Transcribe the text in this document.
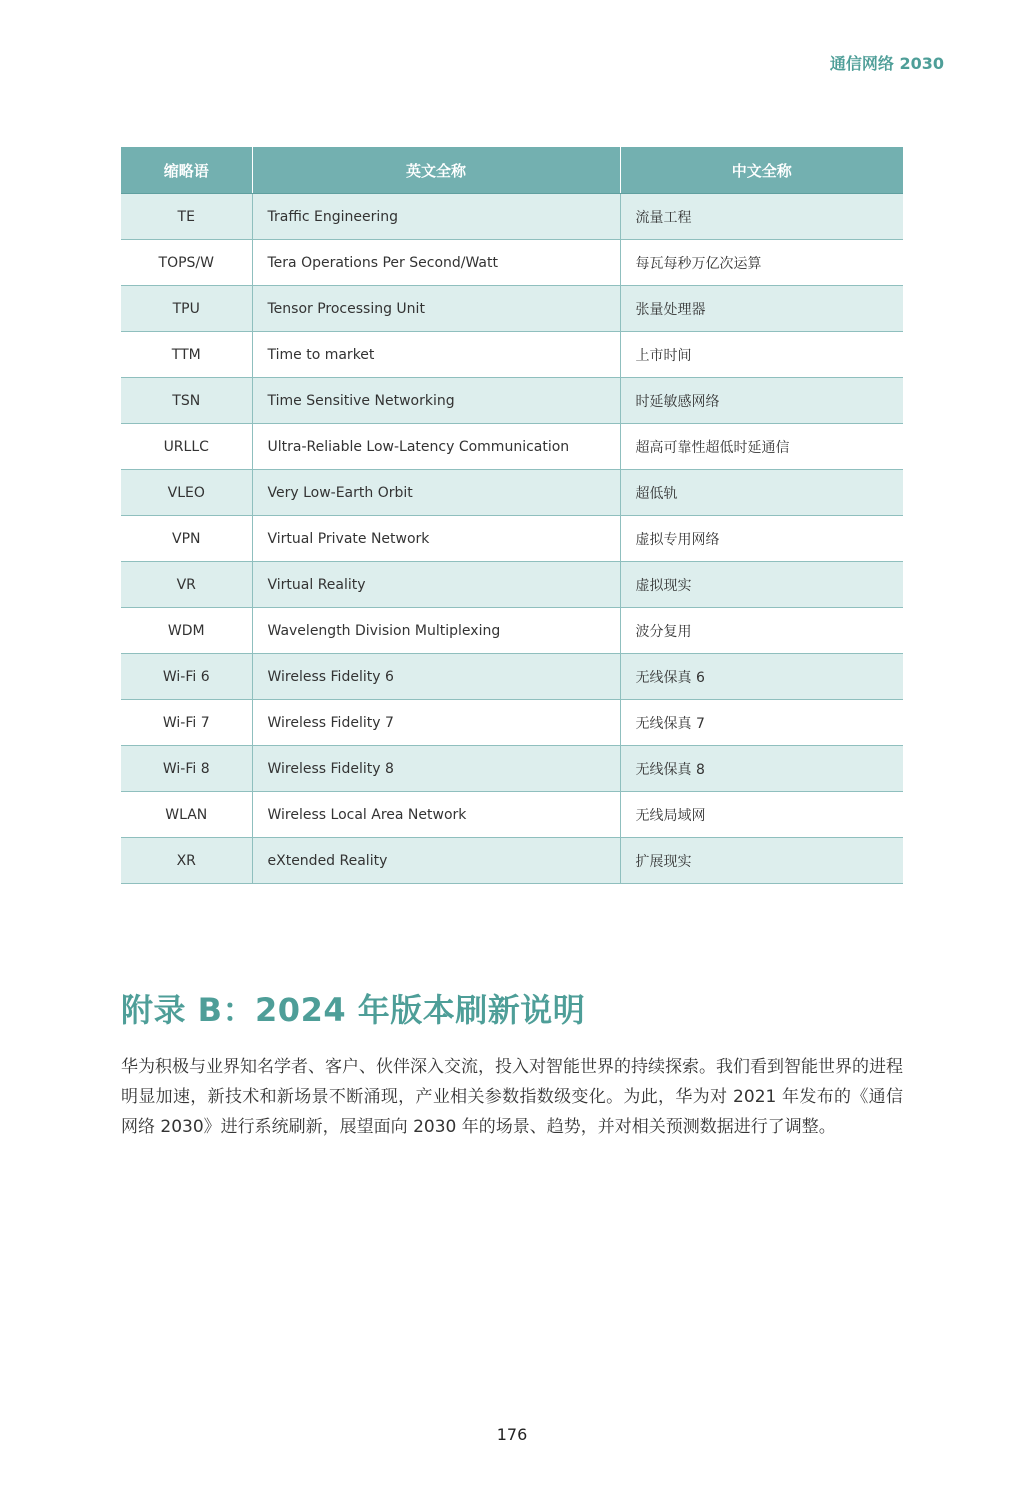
通信网络 2030
缩略语	英文全称	中文全称
TE	Traffic Engineering	流量工程
TOPS/W	Tera Operations Per Second/Watt	每瓦每秒万亿次运算
TPU	Tensor Processing Unit	张量处理器
TTM	Time to market	上市时间
TSN	Time Sensitive Networking	时延敏感网络
URLLC	Ultra-Reliable Low-Latency Communication	超高可靠性超低时延通信
VLEO	Very Low-Earth Orbit	超低轨
VPN	Virtual Private Network	虚拟专用网络
VR	Virtual Reality	虚拟现实
WDM	Wavelength Division Multiplexing	波分复用
Wi-Fi 6	Wireless Fidelity 6	无线保真 6
Wi-Fi 7	Wireless Fidelity 7	无线保真 7
Wi-Fi 8	Wireless Fidelity 8	无线保真 8
WLAN	Wireless Local Area Network	无线局域网
XR	eXtended Reality	扩展现实
附录 B：2024 年版本刷新说明

华为积极与业界知名学者、客户、伙伴深入交流，投入对智能世界的持续探索。我们看到智能世界的进程明显加速，新技术和新场景不断涌现，产业相关参数指数级变化。为此，华为对 2021 年发布的《通信网络 2030》进行系统刷新，展望面向 2030 年的场景、趋势，并对相关预测数据进行了调整。

176
